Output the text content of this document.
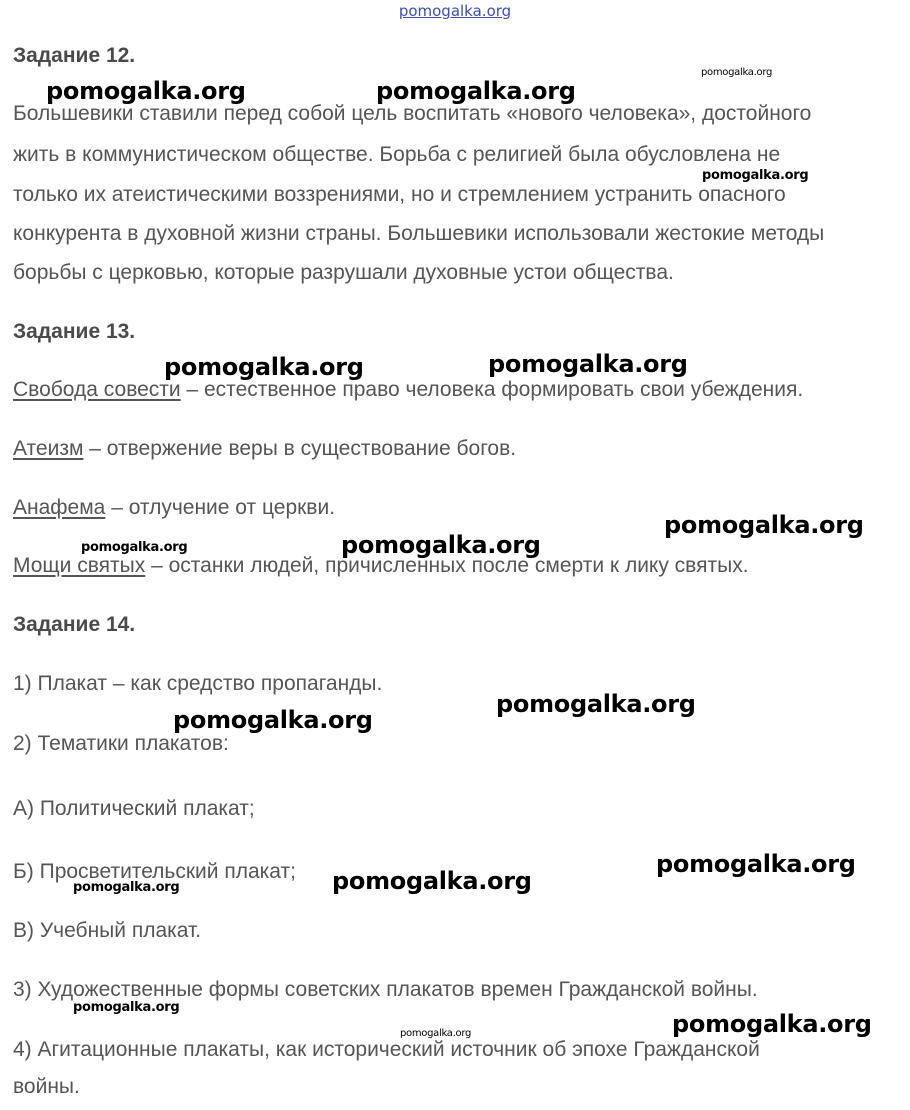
pomogalka.org
Задание 12.
Большевики ставили перед собой цель воспитать «нового человека», достойного
жить в коммунистическом обществе. Борьба с религией была обусловлена не
только их атеистическими воззрениями, но и стремлением устранить опасного
конкурента в духовной жизни страны. Большевики использовали жестокие методы
борьбы с церковью, которые разрушали духовные устои общества.
Задание 13.
Свобода совести – естественное право человека формировать свои убеждения.
Атеизм – отвержение веры в существование богов.
Анафема – отлучение от церкви.
Мощи святых – останки людей, причисленных после смерти к лику святых.
Задание 14.
1) Плакат – как средство пропаганды.
2) Тематики плакатов:
А) Политический плакат;
Б) Просветительский плакат;
В) Учебный плакат.
3) Художественные формы советских плакатов времен Гражданской войны.
4) Агитационные плакаты, как исторический источник об эпохе Гражданской
войны.
pomogalka.org	pomogalka.org
pomogalka.org
pomogalka.org
pomogalka.org	pomogalka.org
pomogalka.org
pomogalka.org	pomogalka.org
pomogalka.org
pomogalka.org
pomogalka.org
pomogalka.org
pomogalka.org
pomogalka.org
pomogalka.org	pomogalka.org
